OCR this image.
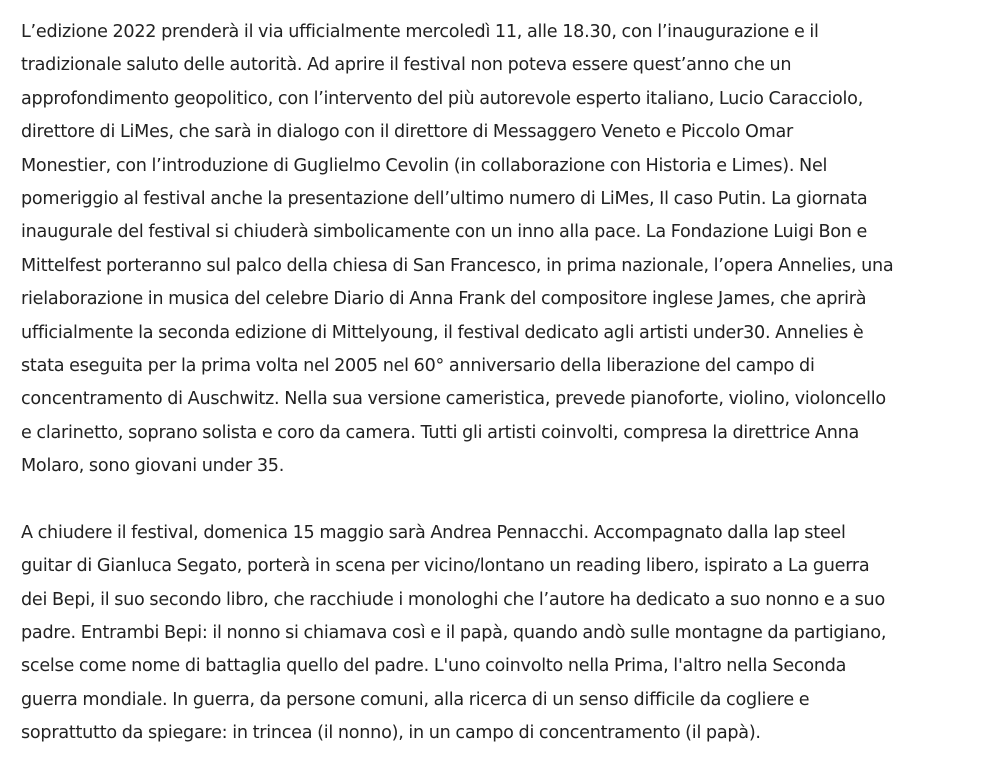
L’edizione 2022 prenderà il via ufficialmente mercoledì 11, alle 18.30, con l’inaugurazione e il
tradizionale saluto delle autorità. Ad aprire il festival non poteva essere quest’anno che un
approfondimento geopolitico, con l’intervento del più autorevole esperto italiano, Lucio Caracciolo,
direttore di LiMes, che sarà in dialogo con il direttore di Messaggero Veneto e Piccolo Omar
Monestier, con l’introduzione di Guglielmo Cevolin (in collaborazione con Historia e Limes). Nel
pomeriggio al festival anche la presentazione dell’ultimo numero di LiMes, Il caso Putin. La giornata
inaugurale del festival si chiuderà simbolicamente con un inno alla pace. La Fondazione Luigi Bon e
Mittelfest porteranno sul palco della chiesa di San Francesco, in prima nazionale, l’opera Annelies, una
rielaborazione in musica del celebre Diario di Anna Frank del compositore inglese James, che aprirà
ufficialmente la seconda edizione di Mittelyoung, il festival dedicato agli artisti under30. Annelies è
stata eseguita per la prima volta nel 2005 nel 60° anniversario della liberazione del campo di
concentramento di Auschwitz. Nella sua versione cameristica, prevede pianoforte, violino, violoncello
e clarinetto, soprano solista e coro da camera. Tutti gli artisti coinvolti, compresa la direttrice Anna
Molaro, sono giovani under 35.

A chiudere il festival, domenica 15 maggio sarà Andrea Pennacchi. Accompagnato dalla lap steel
guitar di Gianluca Segato, porterà in scena per vicino/lontano un reading libero, ispirato a La guerra
dei Bepi, il suo secondo libro, che racchiude i monologhi che l’autore ha dedicato a suo nonno e a suo
padre. Entrambi Bepi: il nonno si chiamava così e il papà, quando andò sulle montagne da partigiano,
scelse come nome di battaglia quello del padre. L'uno coinvolto nella Prima, l'altro nella Seconda
guerra mondiale. In guerra, da persone comuni, alla ricerca di un senso difficile da cogliere e
soprattutto da spiegare: in trincea (il nonno), in un campo di concentramento (il papà).
